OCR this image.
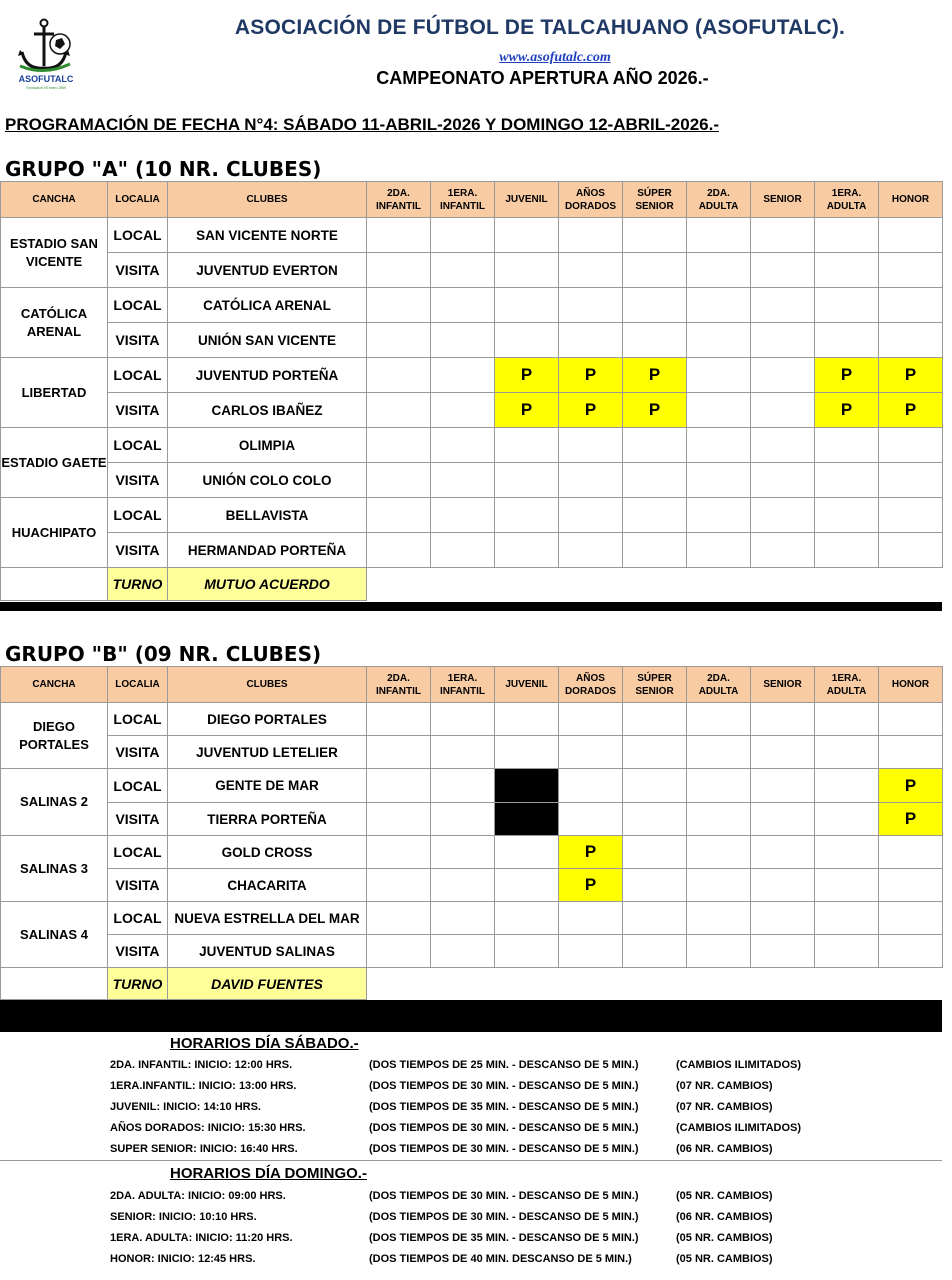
ASOFUTALC
Fundada el 09 enero 1969
ASOCIACIÓN DE FÚTBOL DE TALCAHUANO (ASOFUTALC).
www.asofutalc.com
CAMPEONATO APERTURA AÑO 2026.-
PROGRAMACIÓN DE FECHA N°4: SÁBADO 11-ABRIL-2026 Y DOMINGO 12-ABRIL-2026.-
GRUPO "A" (10 NR. CLUBES)
CANCHA	LOCALIA	CLUBES	2DA. INFANTIL	1ERA. INFANTIL	JUVENIL	AÑOS DORADOS	SÚPER SENIOR	2DA. ADULTA	SENIOR	1ERA. ADULTA	HONOR
ESTADIO SAN VICENTE	LOCAL	SAN VICENTE NORTE									
	VISITA	JUVENTUD EVERTON									
CATÓLICA ARENAL	LOCAL	CATÓLICA ARENAL									
	VISITA	UNIÓN SAN VICENTE									
LIBERTAD	LOCAL	JUVENTUD PORTEÑA			P	P	P			P	P
	VISITA	CARLOS IBAÑEZ			P	P	P			P	P
ESTADIO GAETE	LOCAL	OLIMPIA									
	VISITA	UNIÓN COLO COLO									
HUACHIPATO	LOCAL	BELLAVISTA									
	VISITA	HERMANDAD PORTEÑA									
	TURNO	MUTUO ACUERDO									
GRUPO "B" (09 NR. CLUBES)
CANCHA	LOCALIA	CLUBES	2DA. INFANTIL	1ERA. INFANTIL	JUVENIL	AÑOS DORADOS	SÚPER SENIOR	2DA. ADULTA	SENIOR	1ERA. ADULTA	HONOR
DIEGO PORTALES	LOCAL	DIEGO PORTALES									
	VISITA	JUVENTUD LETELIER									
SALINAS 2	LOCAL	GENTE DE MAR									P
	VISITA	TIERRA PORTEÑA									P
SALINAS 3	LOCAL	GOLD CROSS				P					
	VISITA	CHACARITA				P					
SALINAS 4	LOCAL	NUEVA ESTRELLA DEL MAR									
	VISITA	JUVENTUD SALINAS									
	TURNO	DAVID FUENTES									
HORARIOS DÍA SÁBADO.-
2DA. INFANTIL: INICIO: 12:00 HRS.	(DOS TIEMPOS DE 25 MIN. - DESCANSO DE 5 MIN.)	(CAMBIOS ILIMITADOS)
1ERA.INFANTIL: INICIO: 13:00 HRS.	(DOS TIEMPOS DE 30 MIN. - DESCANSO DE 5 MIN.)	(07 NR. CAMBIOS)
JUVENIL: INICIO: 14:10 HRS.	(DOS TIEMPOS DE 35 MIN. - DESCANSO DE 5 MIN.)	(07 NR. CAMBIOS)
AÑOS DORADOS: INICIO: 15:30 HRS.	(DOS TIEMPOS DE 30 MIN. - DESCANSO DE 5 MIN.)	(CAMBIOS ILIMITADOS)
SUPER SENIOR: INICIO: 16:40 HRS.	(DOS TIEMPOS DE 30 MIN. - DESCANSO DE 5 MIN.)	(06 NR. CAMBIOS)
HORARIOS DÍA DOMINGO.-
2DA. ADULTA: INICIO: 09:00 HRS.	(DOS TIEMPOS DE 30 MIN. - DESCANSO DE 5 MIN.)	(05 NR. CAMBIOS)
SENIOR: INICIO: 10:10 HRS.	(DOS TIEMPOS DE 30 MIN. - DESCANSO DE 5 MIN.)	(06 NR. CAMBIOS)
1ERA. ADULTA: INICIO: 11:20 HRS.	(DOS TIEMPOS DE 35 MIN. - DESCANSO DE 5 MIN.)	(05 NR. CAMBIOS)
HONOR: INICIO: 12:45 HRS.	(DOS TIEMPOS DE 40 MIN. DESCANSO DE 5 MIN.)	(05 NR. CAMBIOS)
